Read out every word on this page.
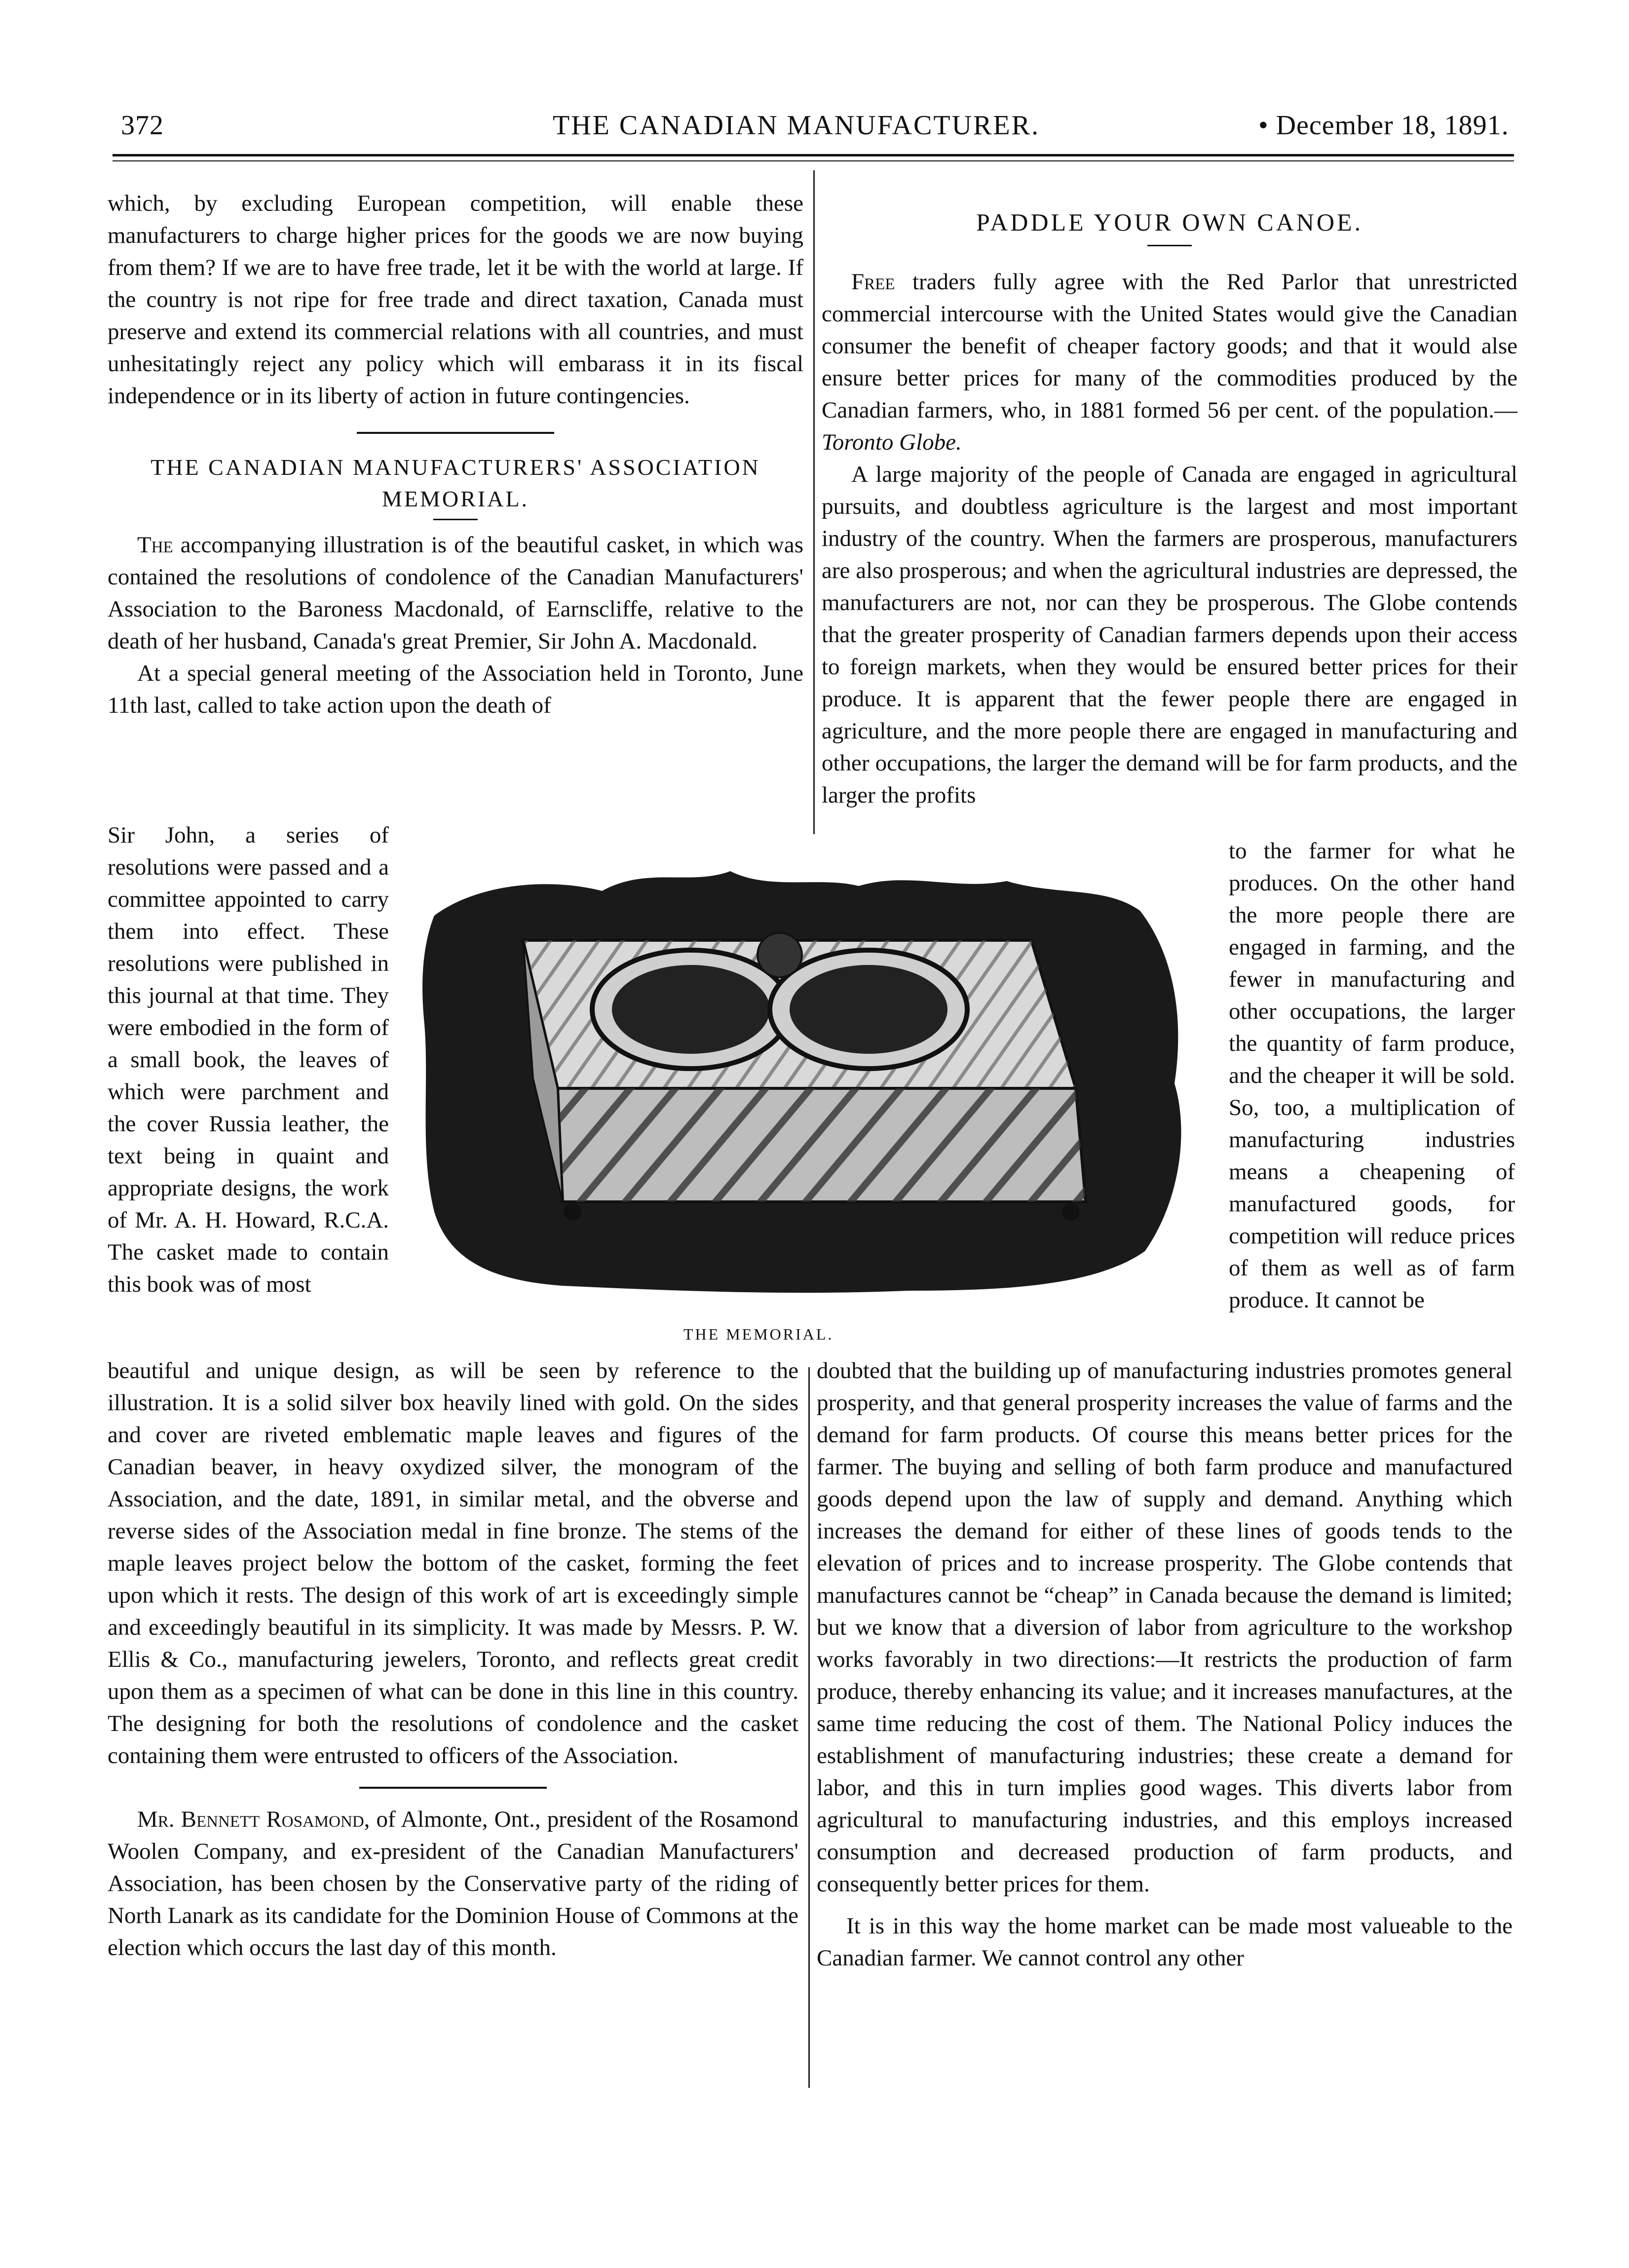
372	THE CANADIAN MANUFACTURER.	• December 18, 1891.

which, by excluding European competition, will enable these manufacturers to charge higher prices for the goods we are now buying from them? If we are to have free trade, let it be with the world at large. If the country is not ripe for free trade and direct taxation, Canada must preserve and extend its commercial relations with all countries, and must unhesitatingly reject any policy which will embarass it in its fiscal independence or in its liberty of action in future contingencies.

THE CANADIAN MANUFACTURERS' ASSOCIATION

MEMORIAL.

The accompanying illustration is of the beautiful casket, in which was contained the resolutions of condolence of the Canadian Manufacturers' Association to the Baroness Macdonald, of Earnscliffe, relative to the death of her husband, Canada's great Premier, Sir John A. Macdonald.

At a special general meeting of the Association held in Toronto, June 11th last, called to take action upon the death of

Sir John, a series of resolutions were passed and a committee appointed to carry them into effect. These resolutions were published in this journal at that time. They were embodied in the form of a small book, the leaves of which were parchment and the cover Russia leather, the text being in quaint and appropriate designs, the work of Mr. A. H. Howard, R.C.A. The casket made to contain this book was of most

PADDLE YOUR OWN CANOE.

Free traders fully agree with the Red Parlor that unrestricted commercial intercourse with the United States would give the Canadian consumer the benefit of cheaper factory goods; and that it would alse ensure better prices for many of the commodities produced by the Canadian farmers, who, in 1881 formed 56 per cent. of the population.—Toronto Globe.

A large majority of the people of Canada are engaged in agricultural pursuits, and doubtless agriculture is the largest and most important industry of the country. When the farmers are prosperous, manufacturers are also prosperous; and when the agricultural industries are depressed, the manufacturers are not, nor can they be prosperous. The Globe contends that the greater prosperity of Canadian farmers depends upon their access to foreign markets, when they would be ensured better prices for their produce. It is apparent that the fewer people there are engaged in agriculture, and the more people there are engaged in manufacturing and other occupations, the larger the demand will be for farm products, and the larger the profits

to the farmer for what he produces. On the other hand the more people there are engaged in farming, and the fewer in manufacturing and other occupations, the larger the quantity of farm produce, and the cheaper it will be sold. So, too, a multiplication of manufacturing industries means a cheapening of manufactured goods, for competition will reduce prices of them as well as of farm produce. It cannot be

THE MEMORIAL.

beautiful and unique design, as will be seen by reference to the illustration. It is a solid silver box heavily lined with gold. On the sides and cover are riveted emblematic maple leaves and figures of the Canadian beaver, in heavy oxydized silver, the monogram of the Association, and the date, 1891, in similar metal, and the obverse and reverse sides of the Association medal in fine bronze. The stems of the maple leaves project below the bottom of the casket, forming the feet upon which it rests. The design of this work of art is exceedingly simple and exceedingly beautiful in its simplicity. It was made by Messrs. P. W. Ellis & Co., manufacturing jewelers, Toronto, and reflects great credit upon them as a specimen of what can be done in this line in this country. The designing for both the resolutions of condolence and the casket containing them were entrusted to officers of the Association.

Mr. Bennett Rosamond, of Almonte, Ont., president of the Rosamond Woolen Company, and ex-president of the Canadian Manufacturers' Association, has been chosen by the Conservative party of the riding of North Lanark as its candidate for the Dominion House of Commons at the election which occurs the last day of this month.

doubted that the building up of manufacturing industries promotes general prosperity, and that general prosperity increases the value of farms and the demand for farm products. Of course this means better prices for the farmer. The buying and selling of both farm produce and manufactured goods depend upon the law of supply and demand. Anything which increases the demand for either of these lines of goods tends to the elevation of prices and to increase prosperity. The Globe contends that manufactures cannot be “cheap” in Canada because the demand is limited; but we know that a diversion of labor from agriculture to the workshop works favorably in two directions:—It restricts the production of farm produce, thereby enhancing its value; and it increases manufactures, at the same time reducing the cost of them. The National Policy induces the establishment of manufacturing industries; these create a demand for labor, and this in turn implies good wages. This diverts labor from agricultural to manufacturing industries, and this employs increased consumption and decreased production of farm products, and consequently better prices for them.

It is in this way the home market can be made most valueable to the Canadian farmer. We cannot control any other
